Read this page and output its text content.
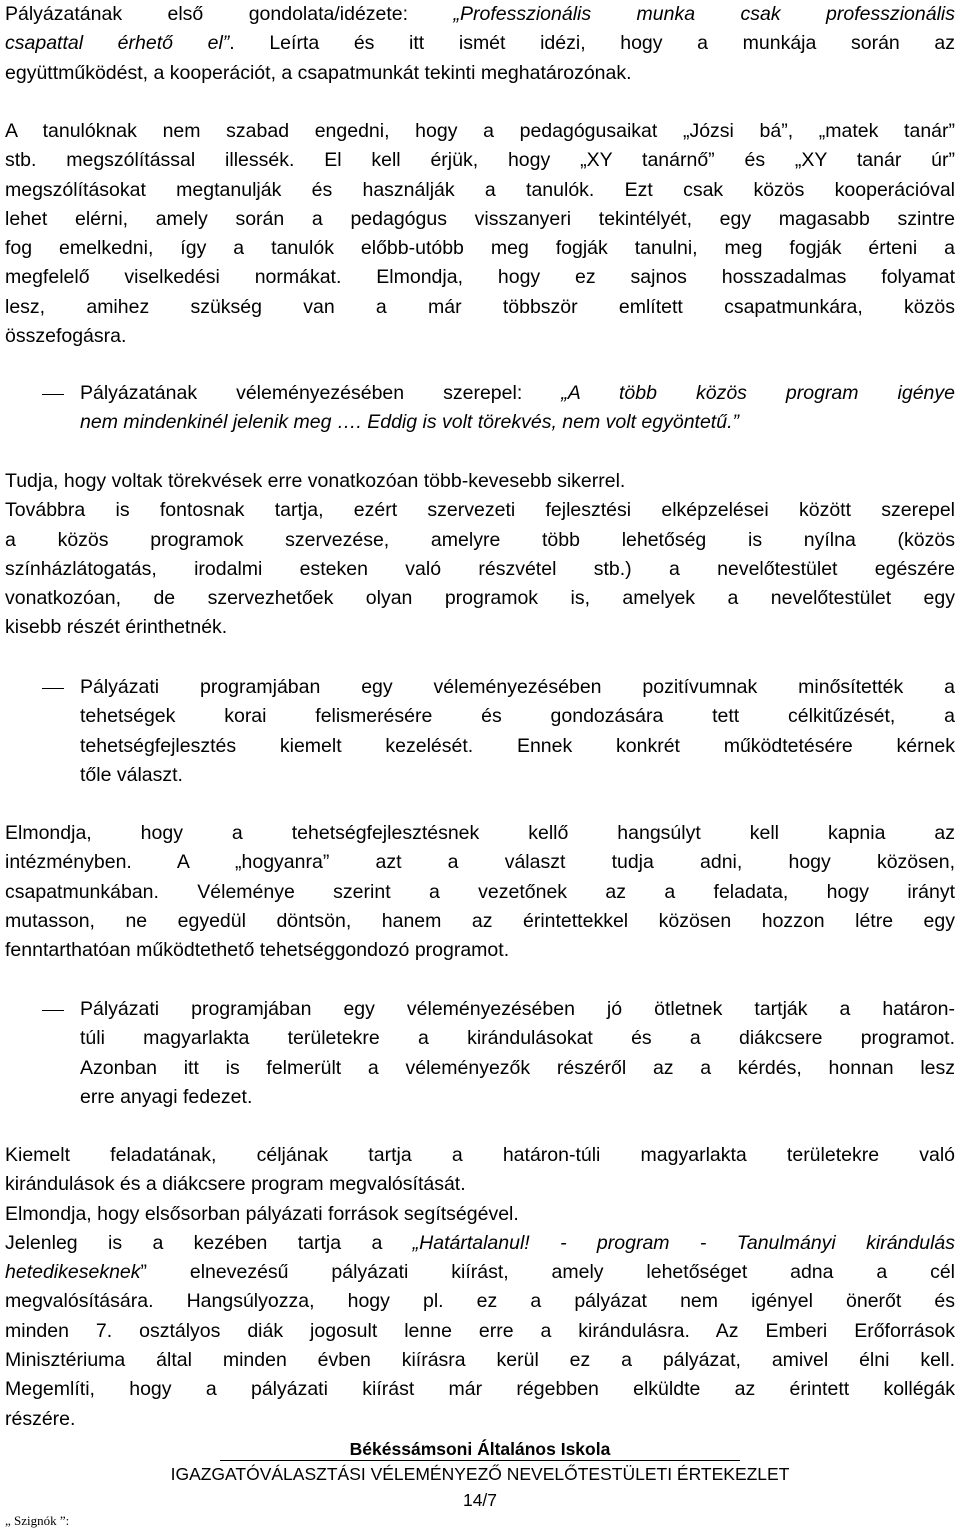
Pályázatának első gondolata/idézete: „Professzionális munka csak professzionális
csapattal érhető el”. Leírta és itt ismét idézi, hogy a munkája során az
együttműködést, a kooperációt, a csapatmunkát tekinti meghatározónak.
A tanulóknak nem szabad engedni, hogy a pedagógusaikat „Józsi bá”, „matek tanár”
stb. megszólítással illessék. El kell érjük, hogy „XY tanárnő” és „XY tanár úr”
megszólításokat megtanulják és használják a tanulók. Ezt csak közös kooperációval
lehet elérni, amely során a pedagógus visszanyeri tekintélyét, egy magasabb szintre
fog emelkedni, így a tanulók előbb-utóbb meg fogják tanulni, meg fogják érteni a
megfelelő viselkedési normákat. Elmondja, hogy ez sajnos hosszadalmas folyamat
lesz, amihez szükség van a már többször említett csapatmunkára, közös
összefogásra.
Pályázatának véleményezésében szerepel: „A több közös program igénye
nem mindenkinél jelenik meg …. Eddig is volt törekvés, nem volt egyöntetű.”
Tudja, hogy voltak törekvések erre vonatkozóan több-kevesebb sikerrel.
Továbbra is fontosnak tartja, ezért szervezeti fejlesztési elképzelései között szerepel
a közös programok szervezése, amelyre több lehetőség is nyílna (közös
színházlátogatás, irodalmi esteken való részvétel stb.) a nevelőtestület egészére
vonatkozóan, de szervezhetőek olyan programok is, amelyek a nevelőtestület egy
kisebb részét érinthetnék.
Pályázati programjában egy véleményezésében pozitívumnak minősítették a
tehetségek korai felismerésére és gondozására tett célkitűzését, a
tehetségfejlesztés kiemelt kezelését. Ennek konkrét működtetésére kérnek
tőle választ.
Elmondja, hogy a tehetségfejlesztésnek kellő hangsúlyt kell kapnia az
intézményben. A „hogyanra” azt a választ tudja adni, hogy közösen,
csapatmunkában. Véleménye szerint a vezetőnek az a feladata, hogy irányt
mutasson, ne egyedül döntsön, hanem az érintettekkel közösen hozzon létre egy
fenntarthatóan működtethető tehetséggondozó programot.
Pályázati programjában egy véleményezésében jó ötletnek tartják a határon-
túli magyarlakta területekre a kirándulásokat és a diákcsere programot.
Azonban itt is felmerült a véleményezők részéről az a kérdés, honnan lesz
erre anyagi fedezet.
Kiemelt feladatának, céljának tartja a határon-túli magyarlakta területekre való
kirándulások és a diákcsere program megvalósítását.
Elmondja, hogy elsősorban pályázati források segítségével.
Jelenleg is a kezében tartja a „Határtalanul! - program - Tanulmányi kirándulás
hetedikeseknek” elnevezésű pályázati kiírást, amely lehetőséget adna a cél
megvalósítására. Hangsúlyozza, hogy pl. ez a pályázat nem igényel önerőt és
minden 7. osztályos diák jogosult lenne erre a kirándulásra. Az Emberi Erőforrások
Minisztériuma által minden évben kiírásra kerül ez a pályázat, amivel élni kell.
Megemlíti, hogy a pályázati kiírást már régebben elküldte az érintett kollégák
részére.
Békéssámsoni Általános Iskola
IGAZGATÓVÁLASZTÁSI VÉLEMÉNYEZŐ NEVELŐTESTÜLETI ÉRTEKEZLET
14/7
„ Szignók ”:
